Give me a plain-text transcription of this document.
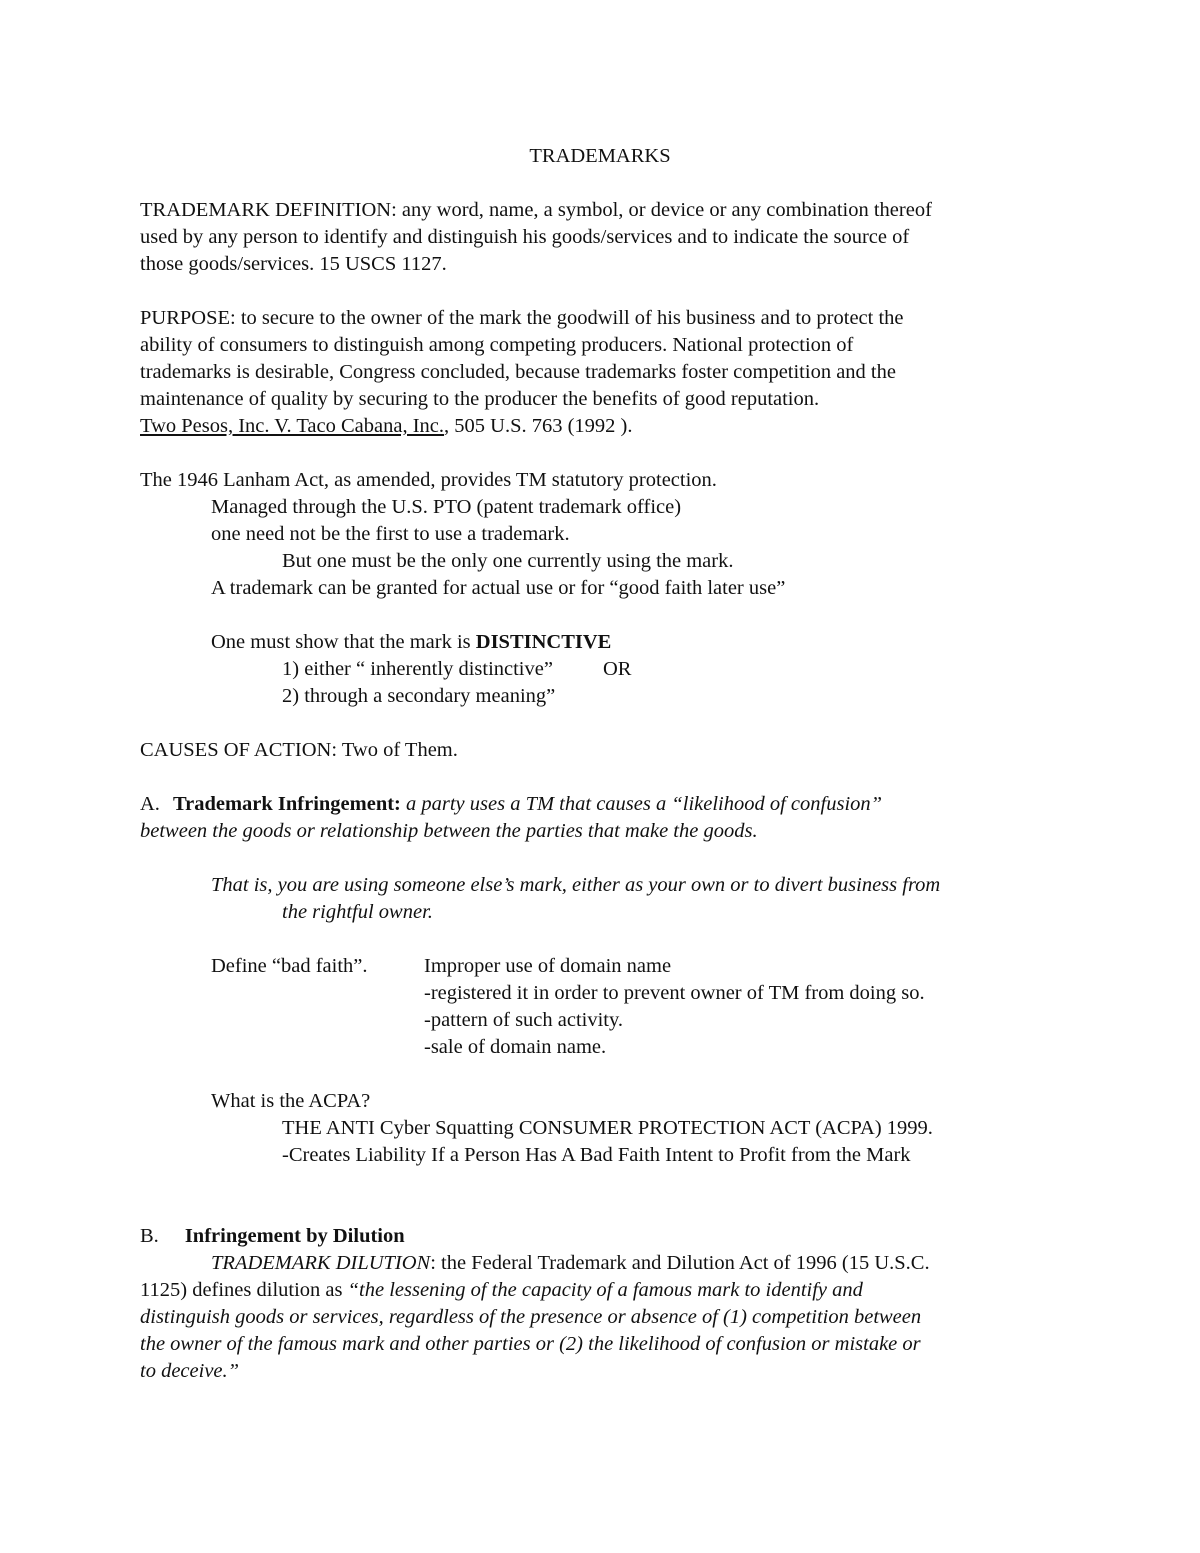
TRADEMARKS
TRADEMARK DEFINITION: any word, name, a symbol, or device or any combination thereof
used by any person to identify and distinguish his goods/services and to indicate the source of
those goods/services. 15 USCS 1127.
PURPOSE: to secure to the owner of the mark the goodwill of his business and to protect the
ability of consumers to distinguish among competing producers. National protection of
trademarks is desirable, Congress concluded, because trademarks foster competition and the
maintenance of quality by securing to the producer the benefits of good reputation.
Two Pesos, Inc. V. Taco Cabana, Inc., 505 U.S. 763 (1992 ).
The 1946 Lanham Act, as amended, provides TM statutory protection.
Managed through the U.S. PTO (patent trademark office)
one need not be the first to use a trademark.
But one must be the only one currently using the mark.
A trademark can be granted for actual use or for “good faith later use”
One must show that the mark is DISTINCTIVE
1) either “ inherently distinctive” OR
2) through a secondary meaning”
CAUSES OF ACTION: Two of Them.
A. Trademark Infringement: a party uses a TM that causes a “likelihood of confusion”
between the goods or relationship between the parties that make the goods.
That is, you are using someone else’s mark, either as your own or to divert business from
the rightful owner.
Define “bad faith”.	Improper use of domain name
-registered it in order to prevent owner of TM from doing so.
-pattern of such activity.
-sale of domain name.
What is the ACPA?
THE ANTI Cyber Squatting CONSUMER PROTECTION ACT (ACPA) 1999.
-Creates Liability If a Person Has A Bad Faith Intent to Profit from the Mark
B. Infringement by Dilution
TRADEMARK DILUTION: the Federal Trademark and Dilution Act of 1996 (15 U.S.C.
1125) defines dilution as “the lessening of the capacity of a famous mark to identify and
distinguish goods or services, regardless of the presence or absence of (1) competition between
the owner of the famous mark and other parties or (2) the likelihood of confusion or mistake or
to deceive.”
